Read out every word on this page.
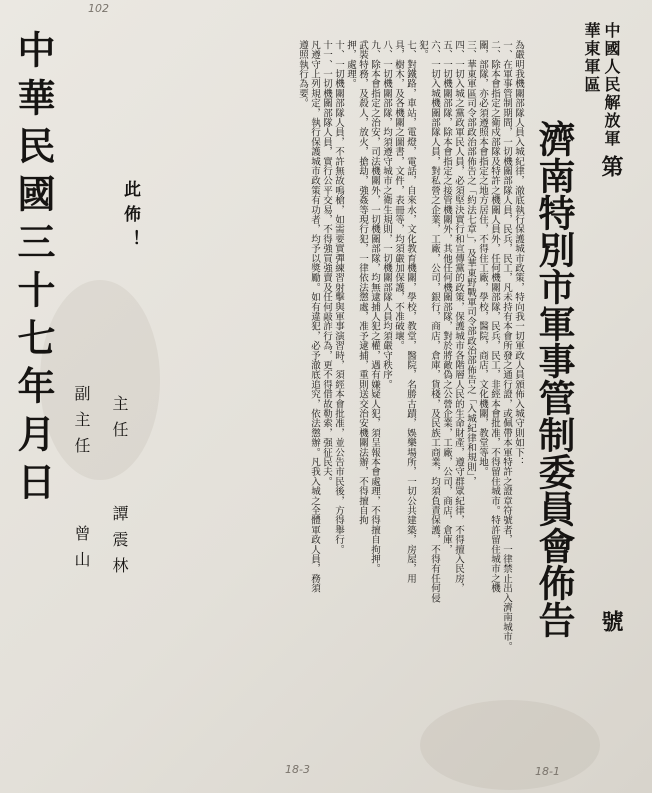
102
18-3	18-1
中國人民解放軍
華東軍區
濟南特別市軍事管制委員會佈告 第
號
為嚴明我機關部隊人員入城紀律，澈底執行保護城市政策，特向我一切軍政人員頒佈入城守則如下：
一、在軍事管制期間，一切機關部隊人員，民兵，民工，凡未持有本會所發之通行證，或佩帶本軍特許之證章符號者，一律禁止出入濟南城市。
二、除本會指定之衛戍部隊及特許之機關人員外，任何機關部隊，民兵，民工，非經本會批准，不得留住城市。特許留住城市之機
關，部隊，亦必須遵照本會指定之地方居住，不得住工廠，學校，醫院，商店，文化機關，教堂等地。
三、華東軍區司令部政治部佈告之「約法七章」，及華東野戰軍司令部政治部佈告之「入城紀律和規則」，
四、一切入城之黨政軍民人員，必須堅決實行和宣傳黨的政策，保護城市各階層人民的生命財產，遵守群眾紀律，不得擅入民房，
五、一切機關部隊，除本會指定之接管機關外，其他任何機關部隊，對於將敵偽之公營企業，工廠，公司，商店，倉庫，
六、一切入城機關部隊人員，對私營之企業，工廠，公司，銀行，商店，倉庫，貨棧，及民族工商業，均須負責保護，不得有任何侵
犯。
七、對鐵路，車站，電燈，電話，自來水，文化教育機關，學校，教堂，醫院，名勝古蹟，娛樂場所，一切公共建築，房屋，用
具，樹木，及各機關之圖書，文件，表冊等，均須嚴加保護，不准破壞。
八、一切機關部隊，均須遵守城市之衛生規則，一切機關部隊人員均須嚴守秩序。
九、除本會指定之治安，司法機關外，一切機關部隊，均無逮捕人犯之權，遇有嫌疑人犯，須呈報本會處理，不得擅自拘押。
武裝特務，及殺人，放火，搶劫，強姦等現行犯，一律依法懲處，准予逮捕，重則送交治安機關法辦，不得擅自拘
押，處理。
十、一切機關部隊人員，不許無故鳴槍，如需要實彈練習射擊與軍事演習時，須經本會批准，並公告市民後，方得舉行。
十一、一切機關部隊人員，實行公平交易，不得強買強賣及任何敲詐行為，更不得借故勒索，强征民夫。
凡遵守上列規定，執行保護城市政策有功者，均予以獎勵。如有違犯，必予澈底追究，依法懲辦。凡我入城之全體軍政人員，務須
遵照執行為要。
此佈！
主任
譚震林
副主任
曾山
中華民國三十七年月日
